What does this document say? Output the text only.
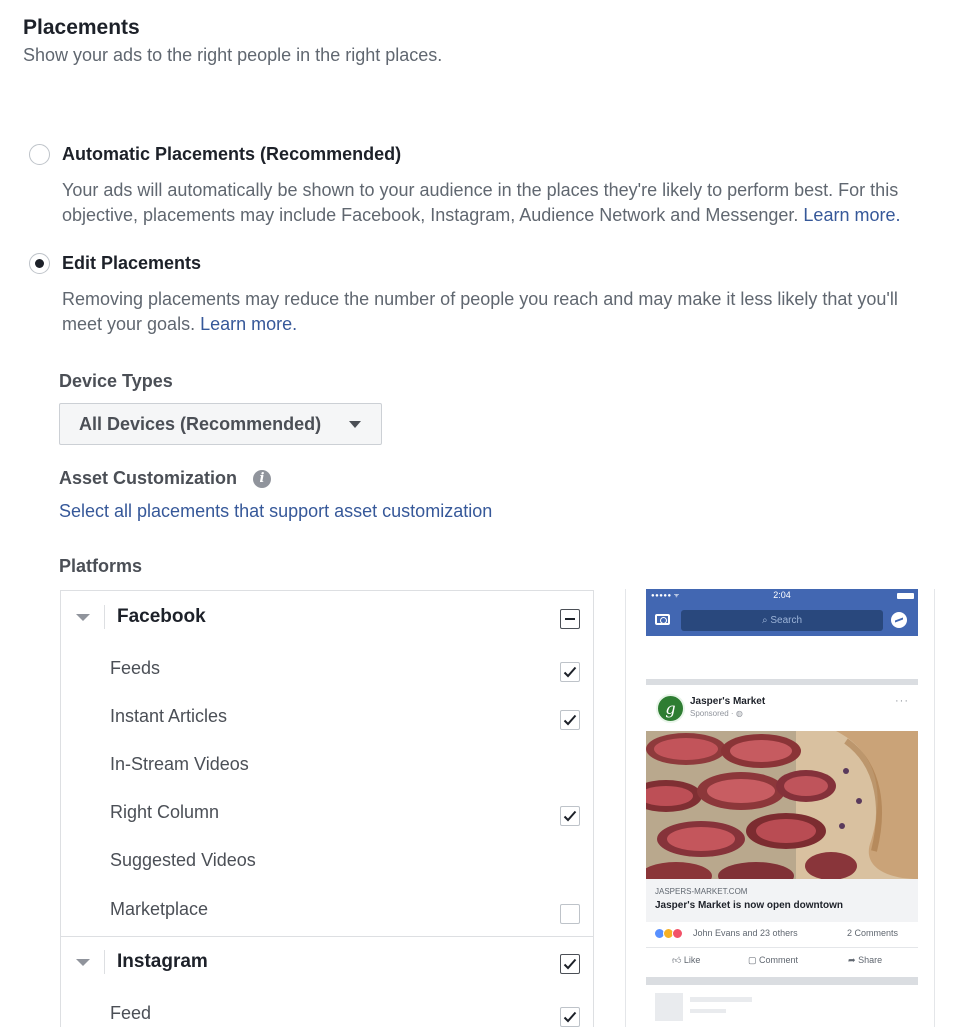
Placements
Show your ads to the right people in the right places.
Automatic Placements (Recommended)
Your ads will automatically be shown to your audience in the places they're likely to perform best. For this
objective, placements may include Facebook, Instagram, Audience Network and Messenger. Learn more.
Edit Placements
Removing placements may reduce the number of people you reach and may make it less likely that you'll
meet your goals. Learn more.
Device Types
All Devices (Recommended)
Asset Customization	i
Select all placements that support asset customization
Platforms
Facebook
Feeds
Instant Articles
In-Stream Videos
Right Column
Suggested Videos
Marketplace
Instagram
Feed
●●●●● ᯤ	2:04
⌕ Search
g	Jasper's Market
Sponsored · ◍
···
JASPERS-MARKET.COM
Jasper's Market is now open downtown
John Evans and 23 others	2 Comments
👍︎ Like	▢ Comment	➦ Share
